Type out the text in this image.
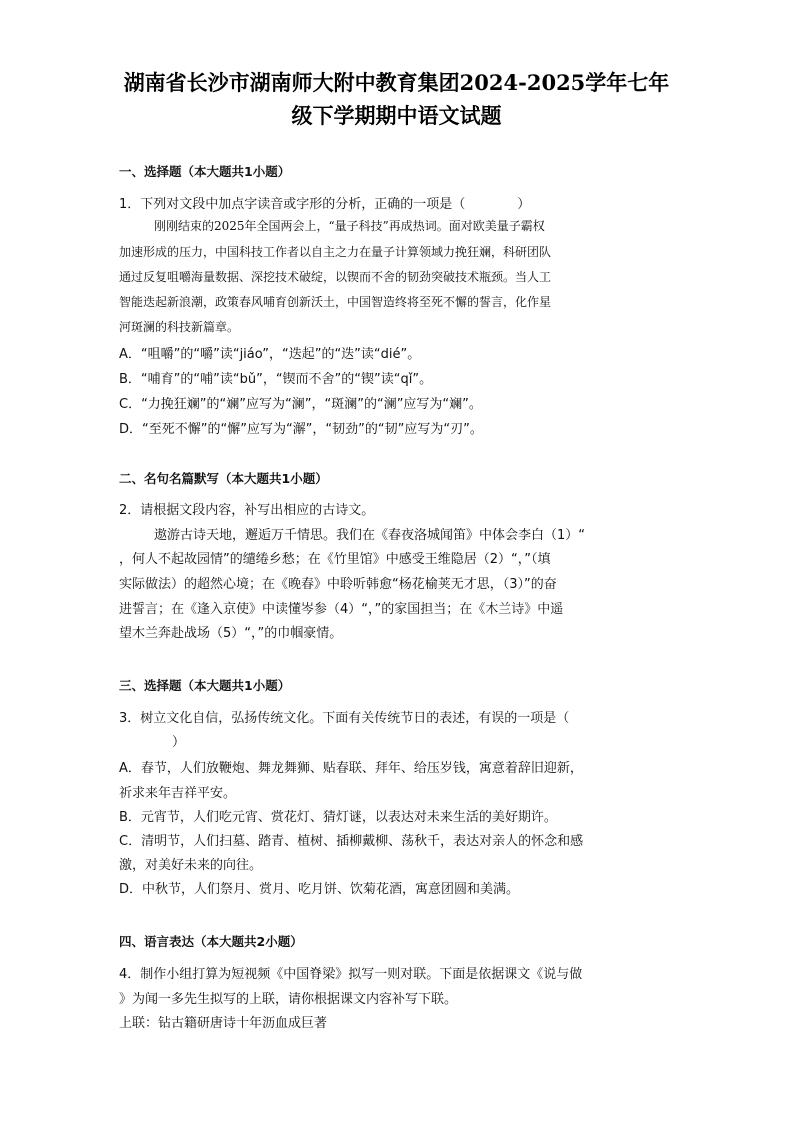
湖南省长沙市湖南师大附中教育集团2024-2025学年七年
级下学期期中语文试题
一、选择题（本大题共1小题）
1．下列对文段中加点字读音或字形的分析，正确的一项是（　　　　）
刚刚结束的2025年全国两会上，“量子科技”再成热词。面对欧美量子霸权
加速形成的压力，中国科技工作者以自主之力在量子计算领域力挽狂斓，科研团队
通过反复咀嚼海量数据、深挖技术破绽，以锲而不舍的韧劲突破技术瓶颈。当人工
智能迭起新浪潮，政策春风哺育创新沃土，中国智造终将至死不懈的誓言，化作星
河斑澜的科技新篇章。
A．“咀嚼”的“嚼”读“jiáo”，“迭起”的“迭”读“dié”。
B．“哺育”的“哺”读“bǔ”，“锲而不舍”的“锲”读“qǐ”。
C．“力挽狂斓”的“斓”应写为“澜”，“斑澜”的“澜”应写为“斓”。
D．“至死不懈”的“懈”应写为“澥”，“韧劲”的“韧”应写为“刃”。
二、名句名篇默写（本大题共1小题）
2．请根据文段内容，补写出相应的古诗文。
遨游古诗天地，邂逅万千情思。我们在《春夜洛城闻笛》中体会李白（1）“
，何人不起故园情”的缱绻乡愁；在《竹里馆》中感受王维隐居（2）“，”（填
实际做法）的超然心境；在《晚春》中聆听韩愈“杨花榆荚无才思，（3）”的奋
进誓言；在《逢入京使》中读懂岑参（4）“，”的家国担当；在《木兰诗》中遥
望木兰奔赴战场（5）“，”的巾帼豪情。
三、选择题（本大题共1小题）
3．树立文化自信，弘扬传统文化。下面有关传统节日的表述，有误的一项是（
）
A．春节，人们放鞭炮、舞龙舞狮、贴春联、拜年、给压岁钱，寓意着辞旧迎新，
祈求来年吉祥平安。
B．元宵节，人们吃元宵、赏花灯、猜灯谜，以表达对未来生活的美好期许。
C．清明节，人们扫墓、踏青、植树、插柳戴柳、荡秋千，表达对亲人的怀念和感
激，对美好未来的向往。
D．中秋节，人们祭月、赏月、吃月饼、饮菊花酒，寓意团圆和美满。
四、语言表达（本大题共2小题）
4．制作小组打算为短视频《中国脊梁》拟写一则对联。下面是依据课文《说与做
》为闻一多先生拟写的上联，请你根据课文内容补写下联。
上联：钻古籍研唐诗十年沥血成巨著
